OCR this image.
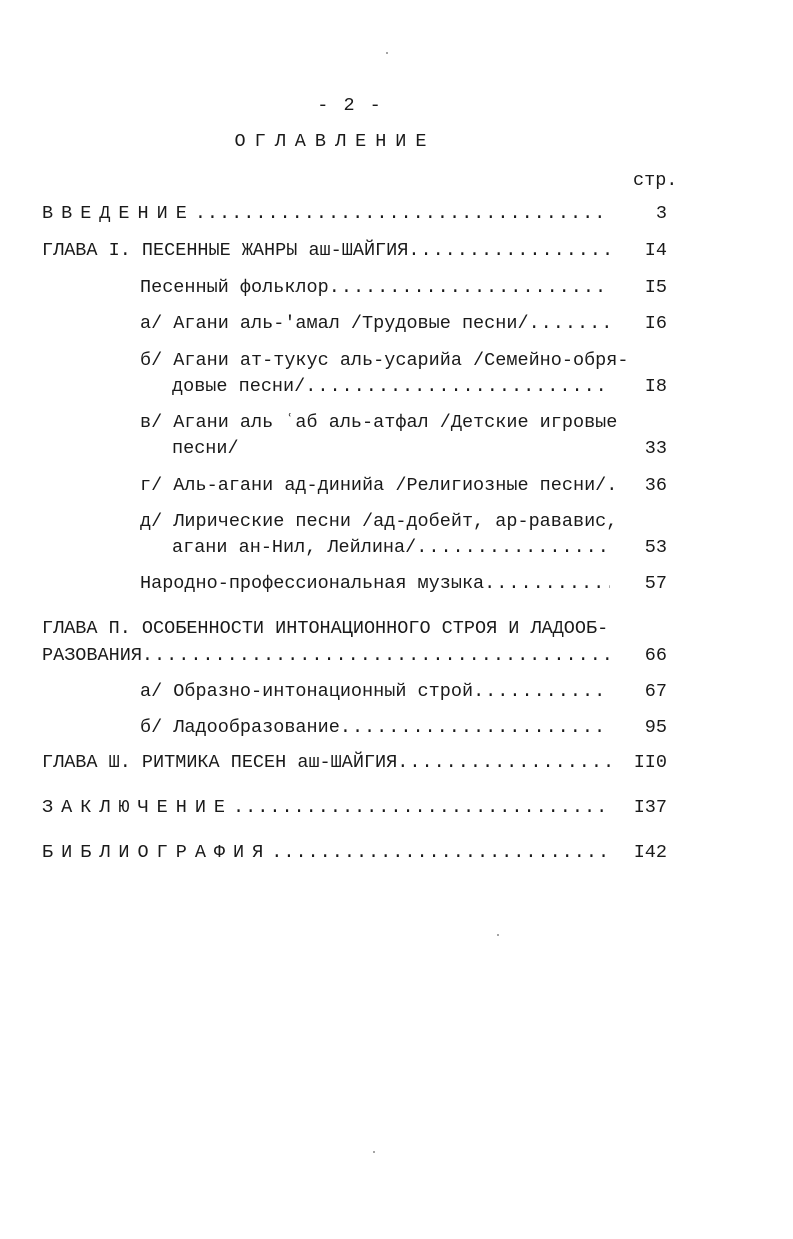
- 2 -
ОГЛАВЛЕНИЕ
стр.
ВВЕДЕНИЕ .....	3
ГЛАВА I. ПЕСЕННЫЕ ЖАНРЫ аш-ШАЙГИЯ .....	I4
Песенный фольклор .....	I5
а/ Агани аль-'амал /Трудовые песни/ .....	I6
б/ Агани ат-тукус аль-усарийа /Семейно-обря-
довые песни/ .....	I8
в/ Агани аль ʿаб аль-атфал /Детские игровые
песни/	33
г/ Аль-агани ад-динийа /Религиозные песни/.	36
д/ Лирические песни /ад-добейт, ар-рававис,
агани ан-Нил, Лейлина/ .....	53
Народно-профессиональная музыка .....	57
ГЛАВА П. ОСОБЕННОСТИ ИНТОНАЦИОННОГО СТРОЯ И ЛАДООБ-
РАЗОВАНИЯ .....	66
а/ Образно-интонационный строй .....	67
б/ Ладообразование .....	95
ГЛАВА Ш. РИТМИКА ПЕСЕН аш-ШАЙГИЯ .....	II0
ЗАКЛЮЧЕНИЕ .....	I37
БИБЛИОГРАФИЯ .....	I42
